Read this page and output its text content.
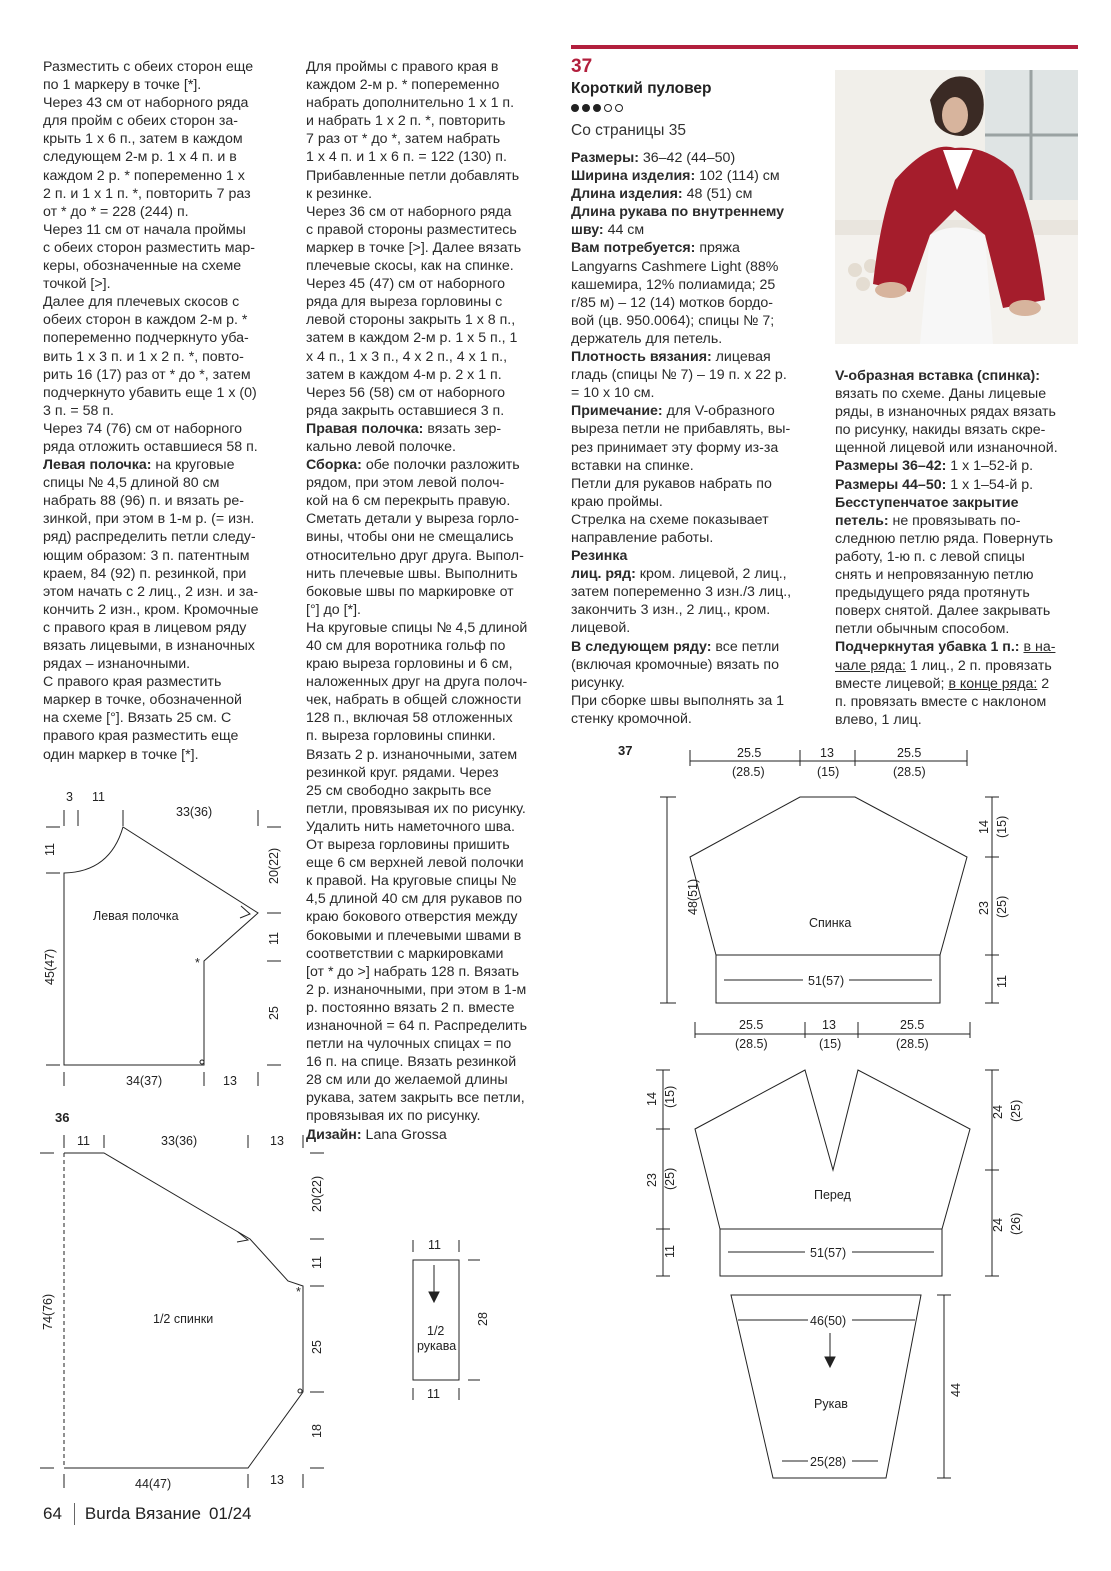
Разместить с обеих сторон еще
по 1 маркеру в точке [*].
Через 43 см от наборного ряда
для пройм с обеих сторон за-
крыть 1 х 6 п., затем в каждом
следующем 2-м р. 1 х 4 п. и в
каждом 2 р. * попеременно 1 х
2 п. и 1 х 1 п. *, повторить 7 раз
от * до * = 228 (244) п.
Через 11 см от начала проймы
с обеих сторон разместить мар-
керы, обозначенные на схеме
точкой [>].
Далее для плечевых скосов с
обеих сторон в каждом 2-м р. *
попеременно подчеркнуто уба-
вить 1 х 3 п. и 1 х 2 п. *, повто-
рить 16 (17) раз от * до *, затем
подчеркнуто убавить еще 1 х (0)
3 п. = 58 п.
Через 74 (76) см от наборного
ряда отложить оставшиеся 58 п.
Левая полочка: на круговые
спицы № 4,5 длиной 80 см
набрать 88 (96) п. и вязать ре-
зинкой, при этом в 1-м р. (= изн.
ряд) распределить петли следу-
ющим образом: 3 п. патентным
краем, 84 (92) п. резинкой, при
этом начать с 2 лиц., 2 изн. и за-
кончить 2 изн., кром. Кромочные
с правого края в лицевом ряду
вязать лицевыми, в изнаночных
рядах – изнаночными.
С правого края разместить
маркер в точке, обозначенной
на схеме [°]. Вязать 25 см. С
правого края разместить еще
один маркер в точке [*].
Для проймы с правого края в
каждом 2-м р. * попеременно
набрать дополнительно 1 х 1 п.
и набрать 1 х 2 п. *, повторить
7 раз от * до *, затем набрать
1 х 4 п. и 1 х 6 п. = 122 (130) п.
Прибавленные петли добавлять
к резинке.
Через 36 см от наборного ряда
с правой стороны разместитесь
маркер в точке [>]. Далее вязать
плечевые скосы, как на спинке.
Через 45 (47) см от наборного
ряда для выреза горловины с
левой стороны закрыть 1 х 8 п.,
затем в каждом 2-м р. 1 х 5 п., 1
х 4 п., 1 х 3 п., 4 х 2 п., 4 х 1 п.,
затем в каждом 4-м р. 2 х 1 п.
Через 56 (58) см от наборного
ряда закрыть оставшиеся 3 п.
Правая полочка: вязать зер-
кально левой полочке.
Сборка: обе полочки разложить
рядом, при этом левой полоч-
кой на 6 см перекрыть правую.
Сметать детали у выреза горло-
вины, чтобы они не смещались
относительно друг друга. Выпол-
нить плечевые швы. Выполнить
боковые швы по маркировке от
[°] до [*].
На круговые спицы № 4,5 длиной
40 см для воротника гольф по
краю выреза горловины и 6 см,
наложенных друг на друга полоч-
чек, набрать в общей сложности
128 п., включая 58 отложенных
п. выреза горловины спинки.
Вязать 2 р. изнаночными, затем
резинкой круг. рядами. Через
25 см свободно закрыть все
петли, провязывая их по рисунку.
Удалить нить наметочного шва.
От выреза горловины пришить
еще 6 см верхней левой полочки
к правой. На круговые спицы №
4,5 длиной 40 см для рукавов по
краю бокового отверстия между
боковыми и плечевыми швами в
соответствии с маркировками
[от * до >] набрать 128 п. Вязать
2 р. изнаночными, при этом в 1-м
р. постоянно вязать 2 п. вместе
изнаночной = 64 п. Распределить
петли на чулочных спицах = по
16 п. на спице. Вязать резинкой
28 см или до желаемой длины
рукава, затем закрыть все петли,
провязывая их по рисунку.
Дизайн: Lana Grossa
Размеры: 36–42 (44–50)
Ширина изделия: 102 (114) см
Длина изделия: 48 (51) см
Длина рукава по внутреннему
шву: 44 см
Вам потребуется: пряжа
Langyarns Cashmere Light (88%
кашемира, 12% полиамида; 25
г/85 м) – 12 (14) мотков бордо-
вой (цв. 950.0064); спицы № 7;
держатель для петель.
Плотность вязания: лицевая
гладь (спицы № 7) – 19 п. x 22 р.
= 10 x 10 см.
Примечание: для V-образного
выреза петли не прибавлять, вы-
рез принимает эту форму из-за
вставки на спинке.
Петли для рукавов набрать по
краю проймы.
Стрелка на схеме показывает
направление работы.
Резинка
лиц. ряд: кром. лицевой, 2 лиц.,
затем попеременно 3 изн./3 лиц.,
закончить 3 изн., 2 лиц., кром.
лицевой.
В следующем ряду: все петли
(включая кромочные) вязать по
рисунку.
При сборке швы выполнять за 1
стенку кромочной.
V-образная вставка (спинка):
вязать по схеме. Даны лицевые
ряды, в изнаночных рядах вязать
по рисунку, накиды вязать скре-
щенной лицевой или изнаночной.
Размеры 36–42: 1 х 1–52-й р.
Размеры 44–50: 1 х 1–54-й р.
Бесступенчатое закрытие
петель: не провязывать по-
следнюю петлю ряда. Повернуть
работу, 1-ю п. с левой спицы
снять и непровязанную петлю
предыдущего ряда протянуть
поверх снятой. Далее закрывать
петли обычным способом.
Подчеркнутая убавка 1 п.: в на-
чале ряда: 1 лиц., 2 п. провязать
вместе лицевой; в конце ряда: 2
п. провязать вместе с наклоном
влево, 1 лиц.
37
Короткий пуловер
Со страницы 35
3 11
33(36)
11	20(22)
11
45(47)
25
34(37)	13
Левая полочка
*
36
11	33(36)	13
20(22)
11
74(76)
25
18
44(47)	13
1/2 спинки
*
11
28
11
1/2
рукава
37	25.5
(28.5)
13
(15)
25.5
(28.5)
14 (15)
48(51)	23 (25)
11
51(57)
Спинка
25.5
(28.5)
13
(15)
25.5
(28.5)
14 (15)
23 (25)
11
24 (25)
24 (26)
51(57)
Перед
46(50)
44
25(28)
Рукав
64 Burda Вязание 01/24
